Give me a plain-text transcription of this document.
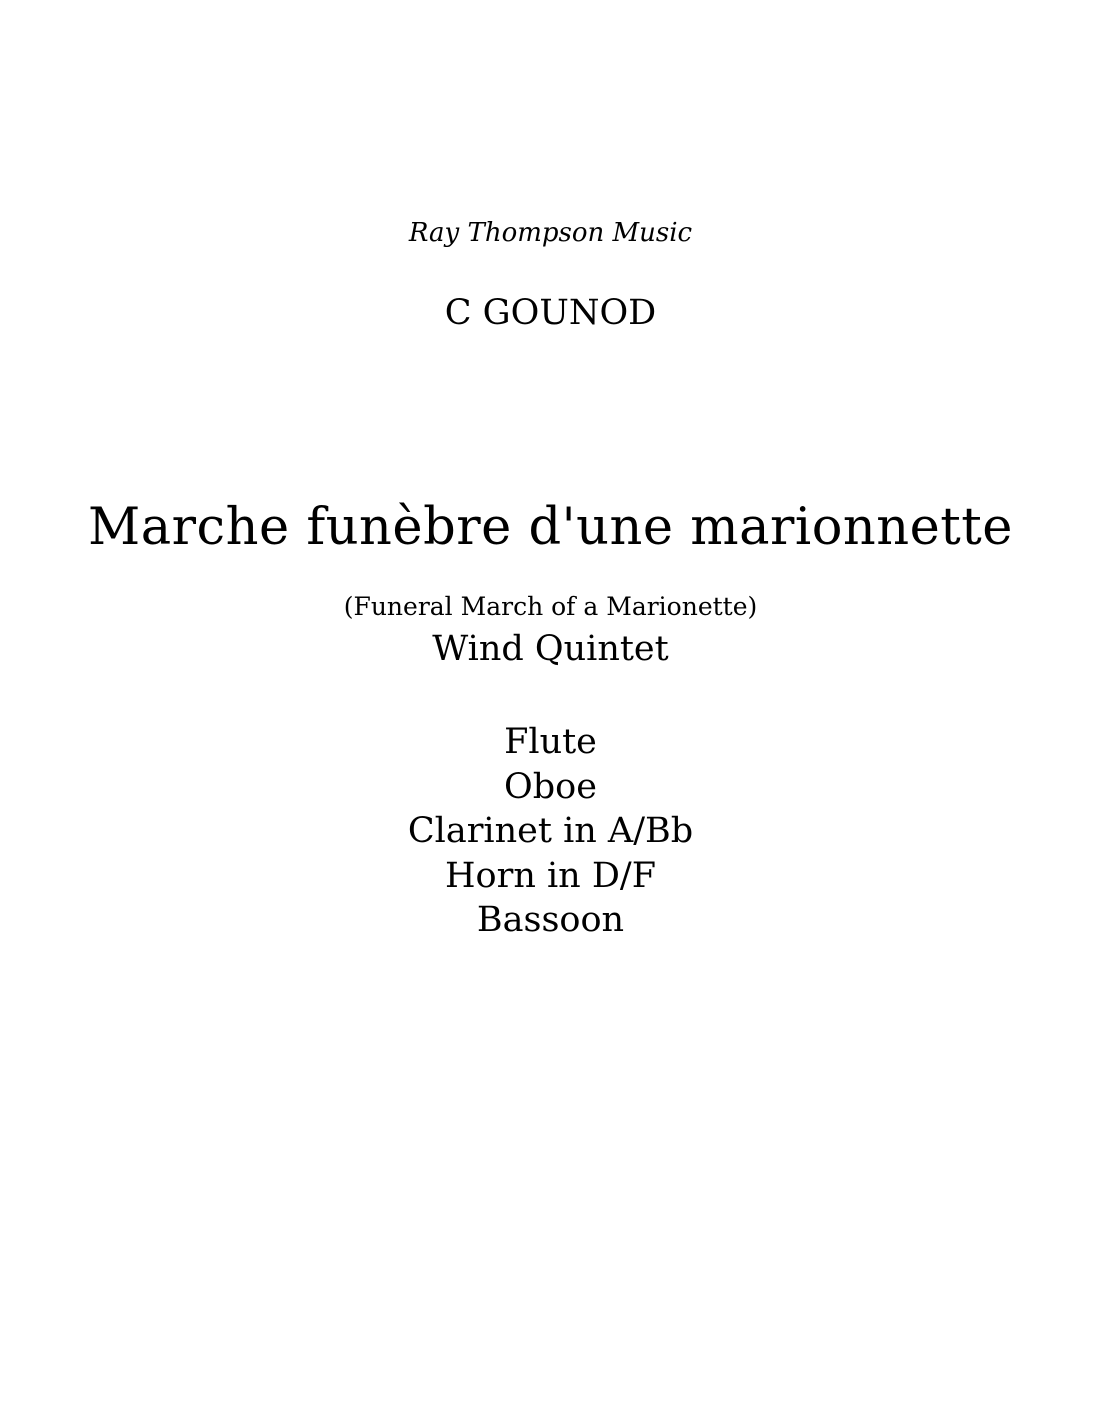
Ray Thompson Music
C GOUNOD
Marche funèbre d'une marionnette
(Funeral March of a Marionette)
Wind Quintet
Flute
Oboe
Clarinet in A/Bb
Horn in D/F
Bassoon
